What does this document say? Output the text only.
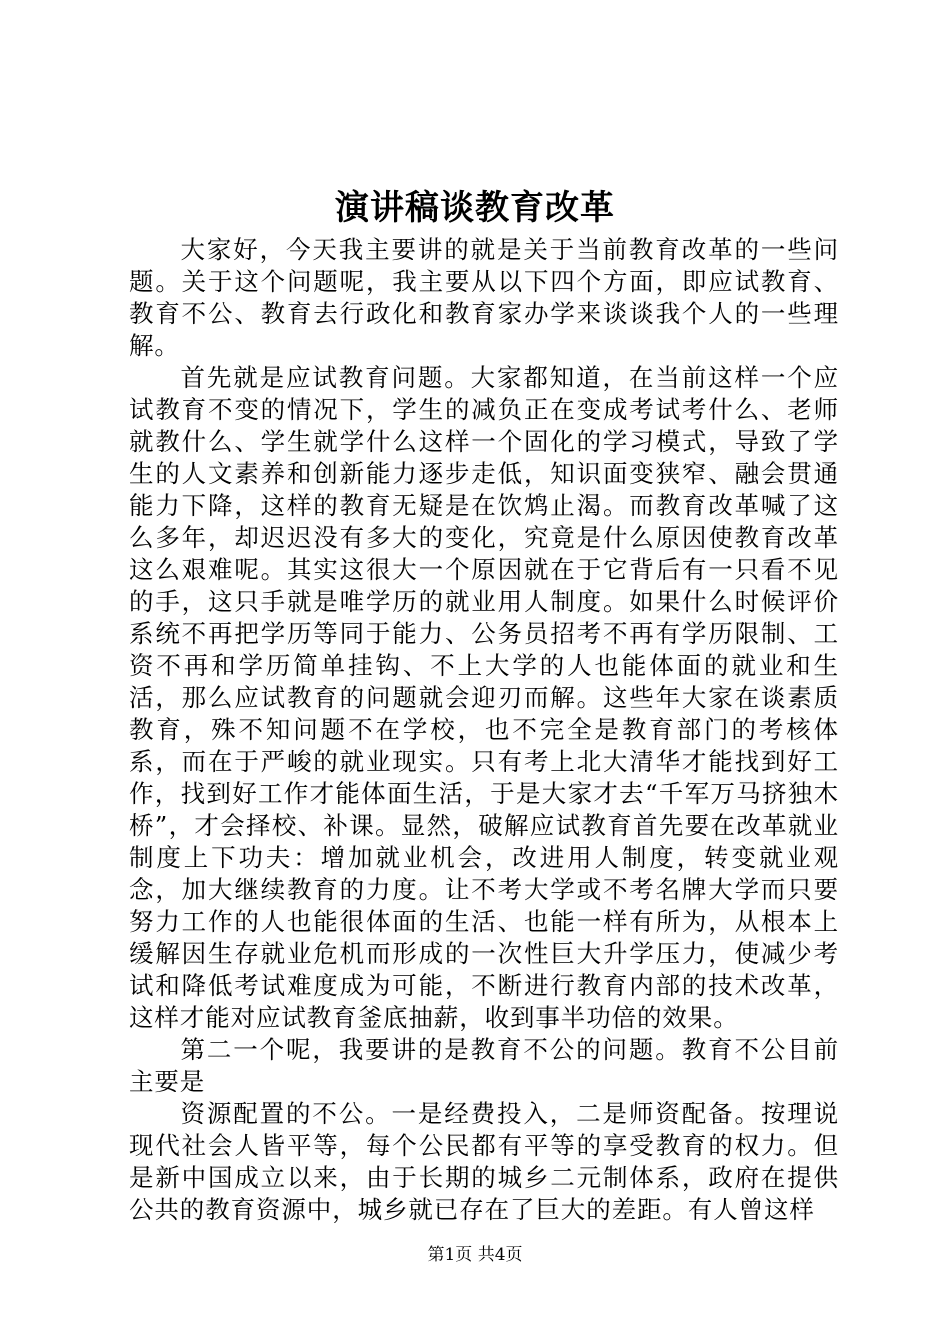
演讲稿谈教育改革

大家好，今天我主要讲的就是关于当前教育改革的一些问题。关于这个问题呢，我主要从以下四个方面，即应试教育、教育不公、教育去行政化和教育家办学来谈谈我个人的一些理解。

首先就是应试教育问题。大家都知道，在当前这样一个应试教育不变的情况下，学生的减负正在变成考试考什么、老师就教什么、学生就学什么这样一个固化的学习模式，导致了学生的人文素养和创新能力逐步走低，知识面变狭窄、融会贯通能力下降，这样的教育无疑是在饮鸩止渴。而教育改革喊了这么多年，却迟迟没有多大的变化，究竟是什么原因使教育改革这么艰难呢。其实这很大一个原因就在于它背后有一只看不见的手，这只手就是唯学历的就业用人制度。如果什么时候评价系统不再把学历等同于能力、公务员招考不再有学历限制、工资不再和学历简单挂钩、不上大学的人也能体面的就业和生活，那么应试教育的问题就会迎刃而解。这些年大家在谈素质教育，殊不知问题不在学校，也不完全是教育部门的考核体系，而在于严峻的就业现实。只有考上北大清华才能找到好工作，找到好工作才能体面生活，于是大家才去“千军万马挤独木桥”，才会择校、补课。显然，破解应试教育首先要在改革就业制度上下功夫：增加就业机会，改进用人制度，转变就业观念，加大继续教育的力度。让不考大学或不考名牌大学而只要努力工作的人也能很体面的生活、也能一样有所为，从根本上缓解因生存就业危机而形成的一次性巨大升学压力，使减少考试和降低考试难度成为可能，不断进行教育内部的技术改革，这样才能对应试教育釜底抽薪，收到事半功倍的效果。

第二一个呢，我要讲的是教育不公的问题。教育不公目前主要是

资源配置的不公。一是经费投入，二是师资配备。按理说现代社会人皆平等，每个公民都有平等的享受教育的权力。但是新中国成立以来，由于长期的城乡二元制体系，政府在提供公共的教育资源中，城乡就已存在了巨大的差距。有人曾这样

第1页 共4页
